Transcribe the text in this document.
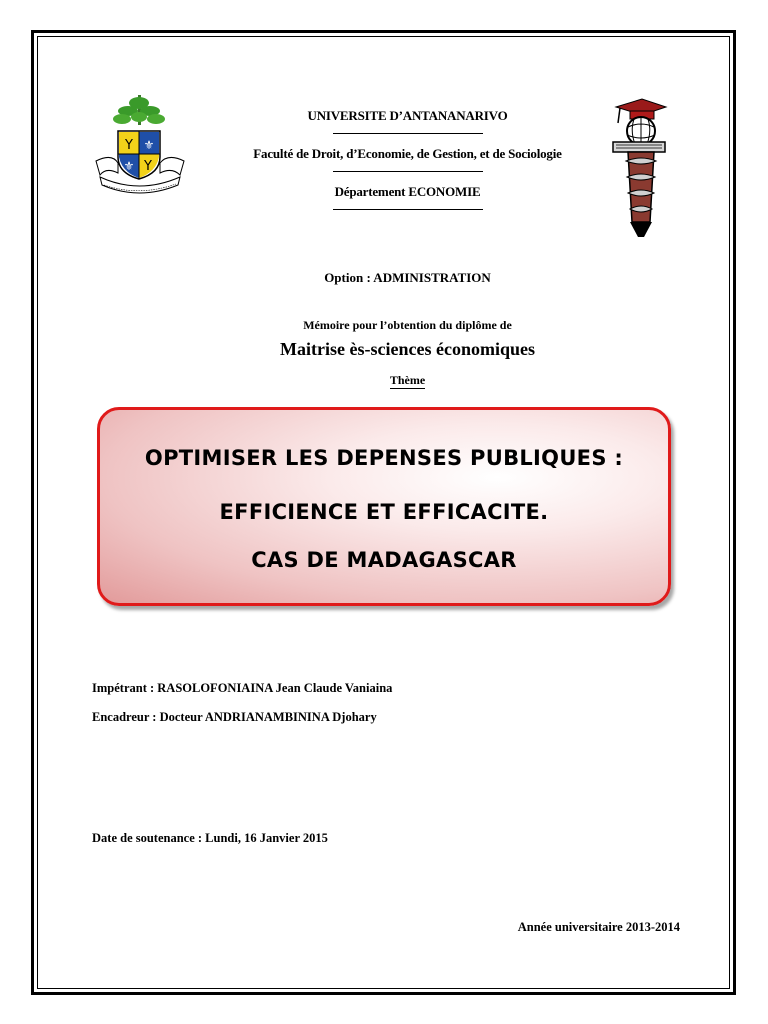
Y ⚜
⚜ Y

UNIVERSITE D’ANTANANARIVO

Faculté de Droit, d’Economie, de Gestion, et de Sociologie

Département ECONOMIE

Option : ADMINISTRATION
Mémoire pour l’obtention du diplôme de
Maitrise ès-sciences économiques
Thème
OPTIMISER LES DEPENSES PUBLIQUES :
EFFICIENCE ET EFFICACITE.
CAS DE MADAGASCAR
Impétrant : RASOLOFONIAINA Jean Claude Vaniaina
Encadreur : Docteur ANDRIANAMBININA Djohary
Date de soutenance : Lundi, 16 Janvier 2015
Année universitaire 2013-2014
